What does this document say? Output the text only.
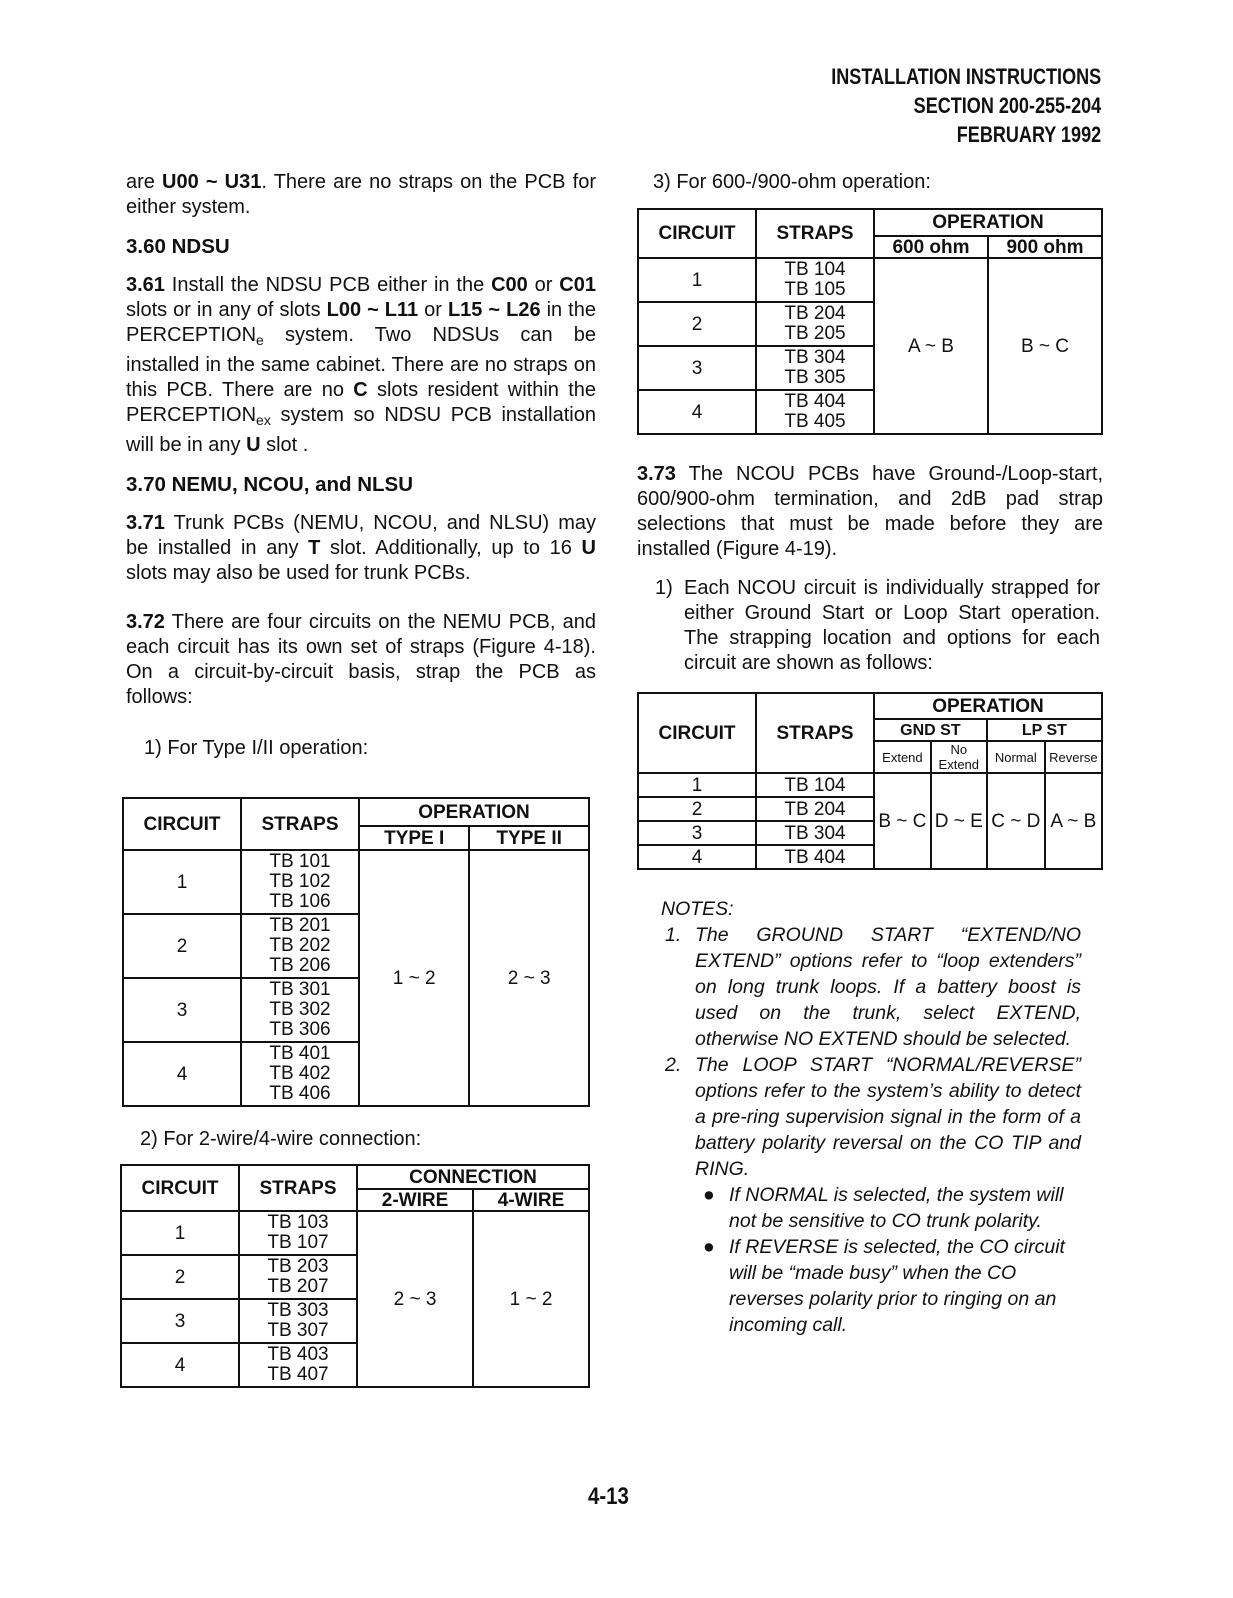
INSTALLATION INSTRUCTIONS
SECTION 200-255-204
FEBRUARY 1992

are U00 ~ U31. There are no straps on the PCB for either system.

3.60 NDSU

3.61 Install the NDSU PCB either in the C00 or C01 slots or in any of slots L00 ~ L11 or L15 ~ L26 in the $PERCEPTION_e$ system. Two NDSUs can be installed in the same cabinet. There are no straps on this PCB. There are no C slots resident within the $PERCEPTION_{ex}$ system so NDSU PCB installation will be in any U slot .

3.70 NEMU, NCOU, and NLSU

3.71 Trunk PCBs (NEMU, NCOU, and NLSU) may be installed in any T slot. Additionally, up to 16 U slots may also be used for trunk PCBs.

3.72 There are four circuits on the NEMU PCB, and each circuit has its own set of straps (Figure 4-18). On a circuit-by-circuit basis, strap the PCB as follows:

1) For Type I/II operation:

CIRCUIT	STRAPS	OPERATION	
		TYPE I	TYPE II
1	TB 101
TB 102
TB 106	1 ~ 2	2 ~ 3
2	TB 201
TB 202
TB 206		

3	TB 301
TB 302
TB 306		

4	TB 401
TB 402
TB 406		

2) For 2-wire/4-wire connection:

CIRCUIT	STRAPS	CONNECTION	
		2-WIRE	4-WIRE
1	TB 103
TB 107	2 ~ 3	1 ~ 2
2	TB 203
TB 207		

3	TB 303
TB 307		

4	TB 403
TB 407		

3) For 600-/900-ohm operation:

CIRCUIT	STRAPS	OPERATION	
		600 ohm	900 ohm
1	TB 104
TB 105	A ~ B	B ~ C
2	TB 204
TB 205		

3	TB 304
TB 305		

4	TB 404
TB 405		

3.73 The NCOU PCBs have Ground-/Loop-start, 600/900-ohm termination, and 2dB pad strap selections that must be made before they are installed (Figure 4-19).

1) Each NCOU circuit is individually strapped for either Ground Start or Loop Start operation. The strapping location and options for each circuit are shown as follows:

CIRCUIT	STRAPS	OPERATION			
		GND ST		LP ST	
		Extend	No Extend	Normal	Reverse
1	TB 104	B ~ C	D ~ E	C ~ D	A ~ B
2	TB 204				
3	TB 304				
4	TB 404				

NOTES:

1. The GROUND START “EXTEND/NO EXTEND” options refer to “loop extenders” on long trunk loops. If a battery boost is used on the trunk, select EXTEND, otherwise NO EXTEND should be selected.

2. The LOOP START “NORMAL/REVERSE” options refer to the system’s ability to detect a pre-ring supervision signal in the form of a battery polarity reversal on the CO TIP and RING.

● If NORMAL is selected, the system will not be sensitive to CO trunk polarity.

● If REVERSE is selected, the CO circuit will be “made busy” when the CO reverses polarity prior to ringing on an incoming call.

4-13
